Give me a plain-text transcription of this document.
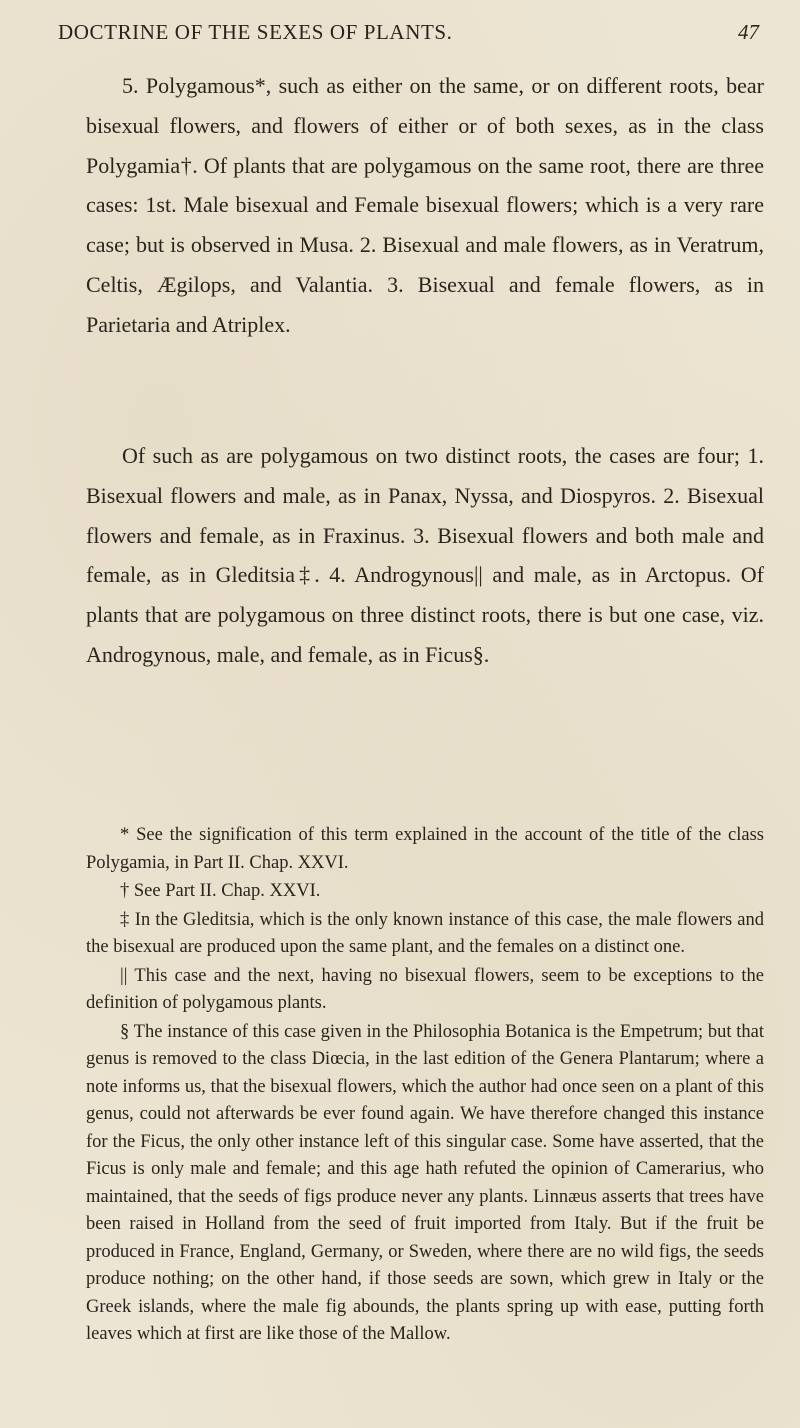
DOCTRINE OF THE SEXES OF PLANTS.	47

5. Polygamous*, such as either on the same, or on different roots, bear bisexual flowers, and flowers of either or of both sexes, as in the class Polygamia†. Of plants that are polygamous on the same root, there are three cases: 1st. Male bisexual and Female bisexual flowers; which is a very rare case; but is observed in Musa. 2. Bisexual and male flowers, as in Veratrum, Celtis, Ægilops, and Valantia. 3. Bisexual and female flowers, as in Parietaria and Atriplex.

Of such as are polygamous on two distinct roots, the cases are four; 1. Bisexual flowers and male, as in Panax, Nyssa, and Diospyros. 2. Bisexual flowers and female, as in Fraxinus. 3. Bisexual flowers and both male and female, as in Gleditsia‡. 4. Androgynous|| and male, as in Arctopus. Of plants that are polygamous on three distinct roots, there is but one case, viz. Androgynous, male, and female, as in Ficus§.

* See the signification of this term explained in the account of the title of the class Polygamia, in Part II. Chap. XXVI.

† See Part II. Chap. XXVI.

‡ In the Gleditsia, which is the only known instance of this case, the male flowers and the bisexual are produced upon the same plant, and the females on a distinct one.

|| This case and the next, having no bisexual flowers, seem to be exceptions to the definition of polygamous plants.

§ The instance of this case given in the Philosophia Botanica is the Empetrum; but that genus is removed to the class Diœcia, in the last edition of the Genera Plantarum; where a note informs us, that the bisexual flowers, which the author had once seen on a plant of this genus, could not afterwards be ever found again. We have therefore changed this instance for the Ficus, the only other instance left of this singular case. Some have asserted, that the Ficus is only male and female; and this age hath refuted the opinion of Camerarius, who maintained, that the seeds of figs produce never any plants. Linnæus asserts that trees have been raised in Holland from the seed of fruit imported from Italy. But if the fruit be produced in France, England, Germany, or Sweden, where there are no wild figs, the seeds produce nothing; on the other hand, if those seeds are sown, which grew in Italy or the Greek islands, where the male fig abounds, the plants spring up with ease, putting forth leaves which at first are like those of the Mallow.
